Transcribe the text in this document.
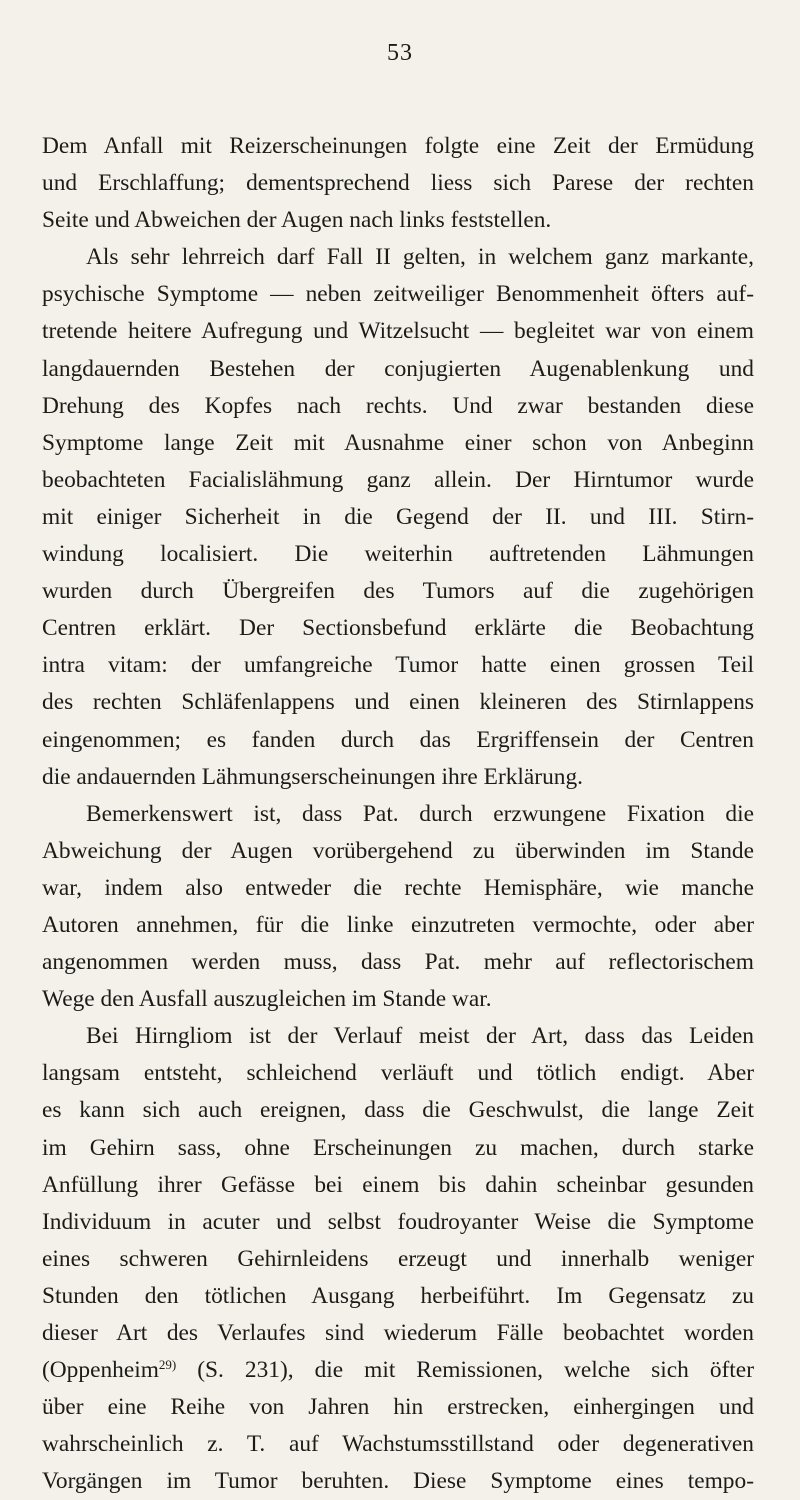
53
Dem Anfall mit Reizerscheinungen folgte eine Zeit der Ermüdung
und Erschlaffung; dementsprechend liess sich Parese der rechten
Seite und Abweichen der Augen nach links feststellen.
Als sehr lehrreich darf Fall II gelten, in welchem ganz markante,
psychische Symptome — neben zeitweiliger Benommenheit öfters auf-
tretende heitere Aufregung und Witzelsucht — begleitet war von einem
langdauernden Bestehen der conjugierten Augenablenkung und
Drehung des Kopfes nach rechts. Und zwar bestanden diese
Symptome lange Zeit mit Ausnahme einer schon von Anbeginn
beobachteten Facialislähmung ganz allein. Der Hirntumor wurde
mit einiger Sicherheit in die Gegend der II. und III. Stirn-
windung localisiert. Die weiterhin auftretenden Lähmungen
wurden durch Übergreifen des Tumors auf die zugehörigen
Centren erklärt. Der Sectionsbefund erklärte die Beobachtung
intra vitam: der umfangreiche Tumor hatte einen grossen Teil
des rechten Schläfenlappens und einen kleineren des Stirnlappens
eingenommen; es fanden durch das Ergriffensein der Centren
die andauernden Lähmungserscheinungen ihre Erklärung.
Bemerkenswert ist, dass Pat. durch erzwungene Fixation die
Abweichung der Augen vorübergehend zu überwinden im Stande
war, indem also entweder die rechte Hemisphäre, wie manche
Autoren annehmen, für die linke einzutreten vermochte, oder aber
angenommen werden muss, dass Pat. mehr auf reflectorischem
Wege den Ausfall auszugleichen im Stande war.
Bei Hirngliom ist der Verlauf meist der Art, dass das Leiden
langsam entsteht, schleichend verläuft und tötlich endigt. Aber
es kann sich auch ereignen, dass die Geschwulst, die lange Zeit
im Gehirn sass, ohne Erscheinungen zu machen, durch starke
Anfüllung ihrer Gefässe bei einem bis dahin scheinbar gesunden
Individuum in acuter und selbst foudroyanter Weise die Symptome
eines schweren Gehirnleidens erzeugt und innerhalb weniger
Stunden den tötlichen Ausgang herbeiführt. Im Gegensatz zu
dieser Art des Verlaufes sind wiederum Fälle beobachtet worden
(Oppenheim$^{29)}$ (S. 231), die mit Remissionen, welche sich öfter
über eine Reihe von Jahren hin erstrecken, einhergingen und
wahrscheinlich z. T. auf Wachstumsstillstand oder degenerativen
Vorgängen im Tumor beruhten. Diese Symptome eines tempo-
